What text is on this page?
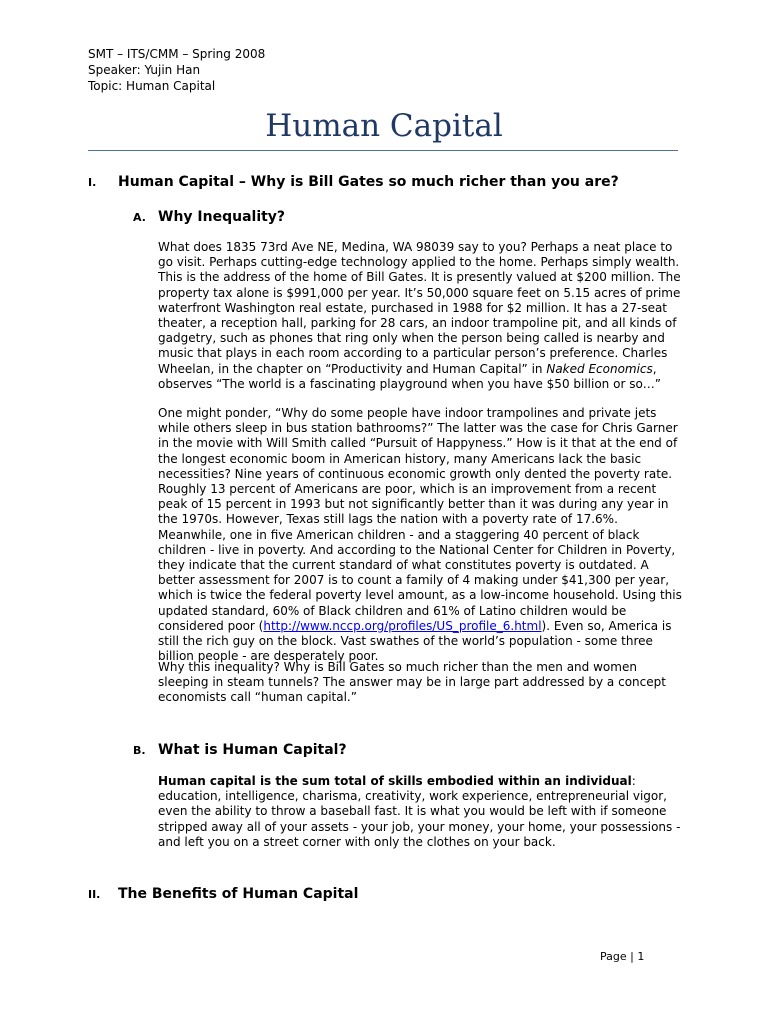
SMT – ITS/CMM – Spring 2008
Speaker: Yujin Han
Topic: Human Capital
Human Capital
I. Human Capital – Why is Bill Gates so much richer than you are?
A. Why Inequality?

What does 1835 73rd Ave NE, Medina, WA 98039 say to you? Perhaps a neat place to go visit. Perhaps cutting-edge technology applied to the home. Perhaps simply wealth. This is the address of the home of Bill Gates. It is presently valued at $200 million. The property tax alone is $991,000 per year. It’s 50,000 square feet on 5.15 acres of prime waterfront Washington real estate, purchased in 1988 for $2 million. It has a 27-seat theater, a reception hall, parking for 28 cars, an indoor trampoline pit, and all kinds of gadgetry, such as phones that ring only when the person being called is nearby and music that plays in each room according to a particular person’s preference. Charles Wheelan, in the chapter on “Productivity and Human Capital” in Naked Economics, observes “The world is a fascinating playground when you have $50 billion or so…”

One might ponder, “Why do some people have indoor trampolines and private jets while others sleep in bus station bathrooms?” The latter was the case for Chris Garner in the movie with Will Smith called “Pursuit of Happyness.” How is it that at the end of the longest economic boom in American history, many Americans lack the basic necessities? Nine years of continuous economic growth only dented the poverty rate. Roughly 13 percent of Americans are poor, which is an improvement from a recent peak of 15 percent in 1993 but not significantly better than it was during any year in the 1970s. However, Texas still lags the nation with a poverty rate of 17.6%. Meanwhile, one in five American children - and a staggering 40 percent of black children - live in poverty. And according to the National Center for Children in Poverty, they indicate that the current standard of what constitutes poverty is outdated. A better assessment for 2007 is to count a family of 4 making under $41,300 per year, which is twice the federal poverty level amount, as a low-income household. Using this updated standard, 60% of Black children and 61% of Latino children would be considered poor (http://www.nccp.org/profiles/US_profile_6.html). Even so, America is still the rich guy on the block. Vast swathes of the world’s population - some three billion people - are desperately poor.

Why this inequality? Why is Bill Gates so much richer than the men and women sleeping in steam tunnels? The answer may be in large part addressed by a concept economists call “human capital.”

B. What is Human Capital?

Human capital is the sum total of skills embodied within an individual: education, intelligence, charisma, creativity, work experience, entrepreneurial vigor, even the ability to throw a baseball fast. It is what you would be left with if someone stripped away all of your assets - your job, your money, your home, your possessions - and left you on a street corner with only the clothes on your back.

II. The Benefits of Human Capital
Page | 1
